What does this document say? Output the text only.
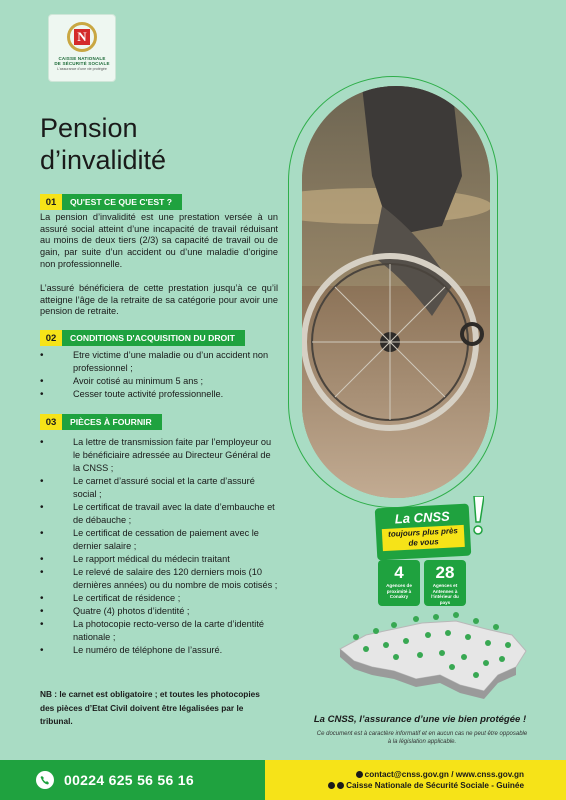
N
CAISSE NATIONALE
DE SÉCURITÉ SOCIALE
L'assurance d'une vie protégée
Pension
d’invalidité
01	QU'EST CE QUE C'EST ?

La pension d’invalidité est une prestation versée à un assuré social atteint d’une incapacité de travail réduisant au moins de deux tiers (2/3) sa capacité de travail ou de gain, par suite d’un accident ou d’une maladie d’origine non professionnelle.

L’assuré bénéficiera de cette prestation jusqu’à ce qu’il atteigne l’âge de la retraite de sa catégorie pour avoir une pension de retraite.

02	CONDITIONS D'ACQUISITION DU DROIT
•	Etre victime d’une maladie ou d’un accident non professionnel ;
•	Avoir cotisé au minimum 5 ans ;
•	Cesser toute activité professionnelle.
03	PIÈCES À FOURNIR
•	La lettre de transmission faite par l’employeur ou le bénéficiaire adressée au Directeur Général de la CNSS ;
•	Le carnet d’assuré social et la carte d’assuré social ;
•	Le certificat de travail avec la date d’embauche et de débauche ;
•	Le certificat de cessation de paiement avec le dernier salaire ;
•	Le rapport médical du médecin traitant
•	Le relevé de salaire des 120 derniers mois (10 dernières années) ou du nombre de mois cotisés ;
•	Le certificat de résidence ;
•	Quatre (4) photos d’identité ;
•	La photocopie recto-verso de la carte d’identité nationale ;
•	Le numéro de téléphone de l’assuré.

NB : le carnet est obligatoire ; et toutes les photocopies des pièces d’Etat Civil doivent être légalisées par le tribunal.

La CNSS
toujours plus près de vous
4
Agences de proximité à Conakry
28
Agences et Antennes à l'intérieur du pays

La CNSS, l’assurance d’une vie bien protégée !

Ce document est à caractère informatif et en aucun cas ne peut être opposable à la législation applicable.

00224 625 56 56 16	contact@cnss.gov.gn / www.cnss.gov.gn
Caisse Nationale de Sécurité Sociale - Guinée
